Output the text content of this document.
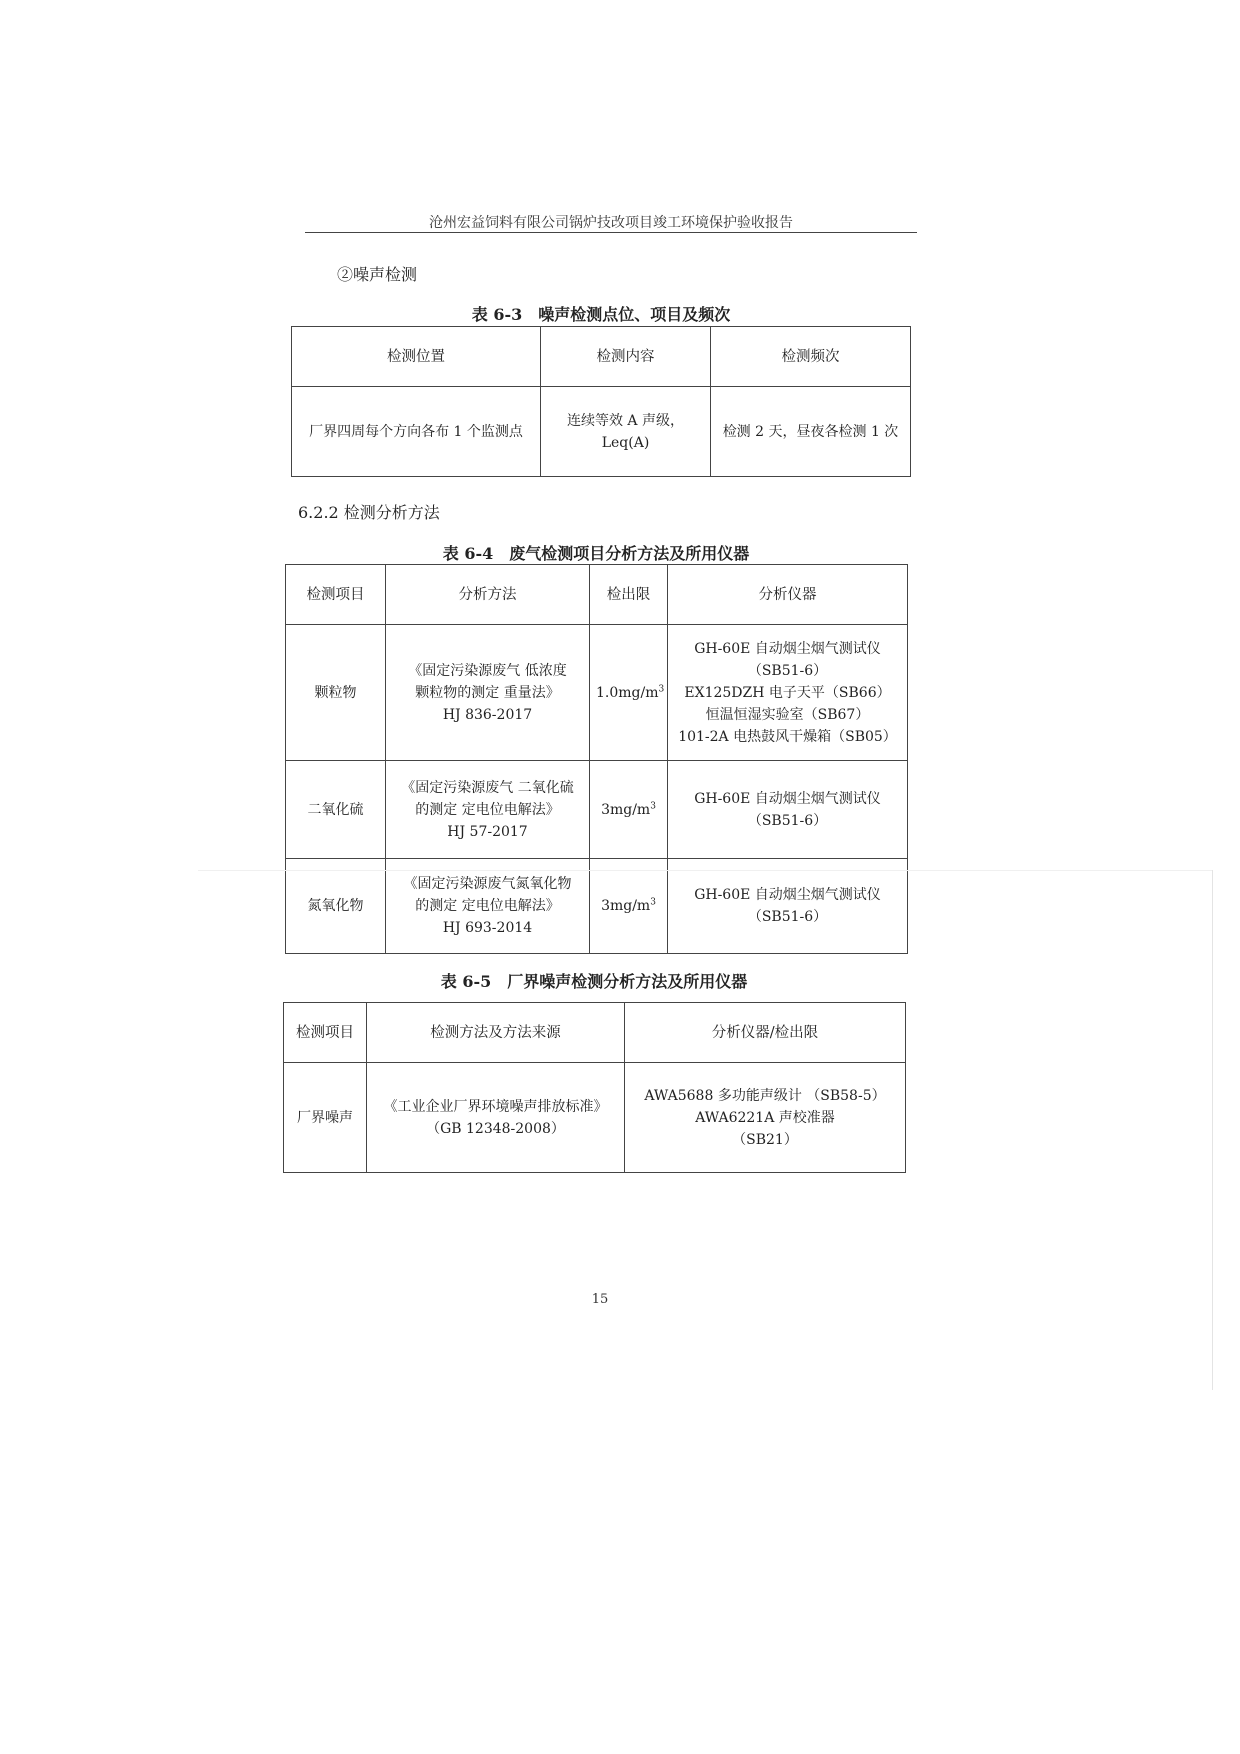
沧州宏益饲料有限公司锅炉技改项目竣工环境保护验收报告
②噪声检测
表 6-3　噪声检测点位、项目及频次
检测位置	检测内容	检测频次
厂界四周每个方向各布 1 个监测点	连续等效 A 声级，
Leq(A)	检测 2 天，昼夜各检测 1 次
6.2.2 检测分析方法
表 6-4　废气检测项目分析方法及所用仪器
检测项目	分析方法	检出限	分析仪器
颗粒物	《固定污染源废气 低浓度
颗粒物的测定 重量法》
HJ 836-2017	$1.0mg/m^3$	GH-60E 自动烟尘烟气测试仪
（SB51-6）
EX125DZH 电子天平（SB66）
恒温恒湿实验室（SB67）
101-2A 电热鼓风干燥箱（SB05）

二氧化硫	《固定污染源废气 二氧化硫
的测定 定电位电解法》
HJ 57-2017	$3mg/m^3$	GH-60E 自动烟尘烟气测试仪
（SB51-6）

氮氧化物	《固定污染源废气氮氧化物
的测定 定电位电解法》
HJ 693-2014	$3mg/m^3$	GH-60E 自动烟尘烟气测试仪
（SB51-6）
表 6-5　厂界噪声检测分析方法及所用仪器
检测项目	检测方法及方法来源	分析仪器/检出限
厂界噪声	《工业企业厂界环境噪声排放标准》
（GB 12348-2008）	AWA5688 多功能声级计 （SB58-5）
AWA6221A 声校准器
（SB21）
15
